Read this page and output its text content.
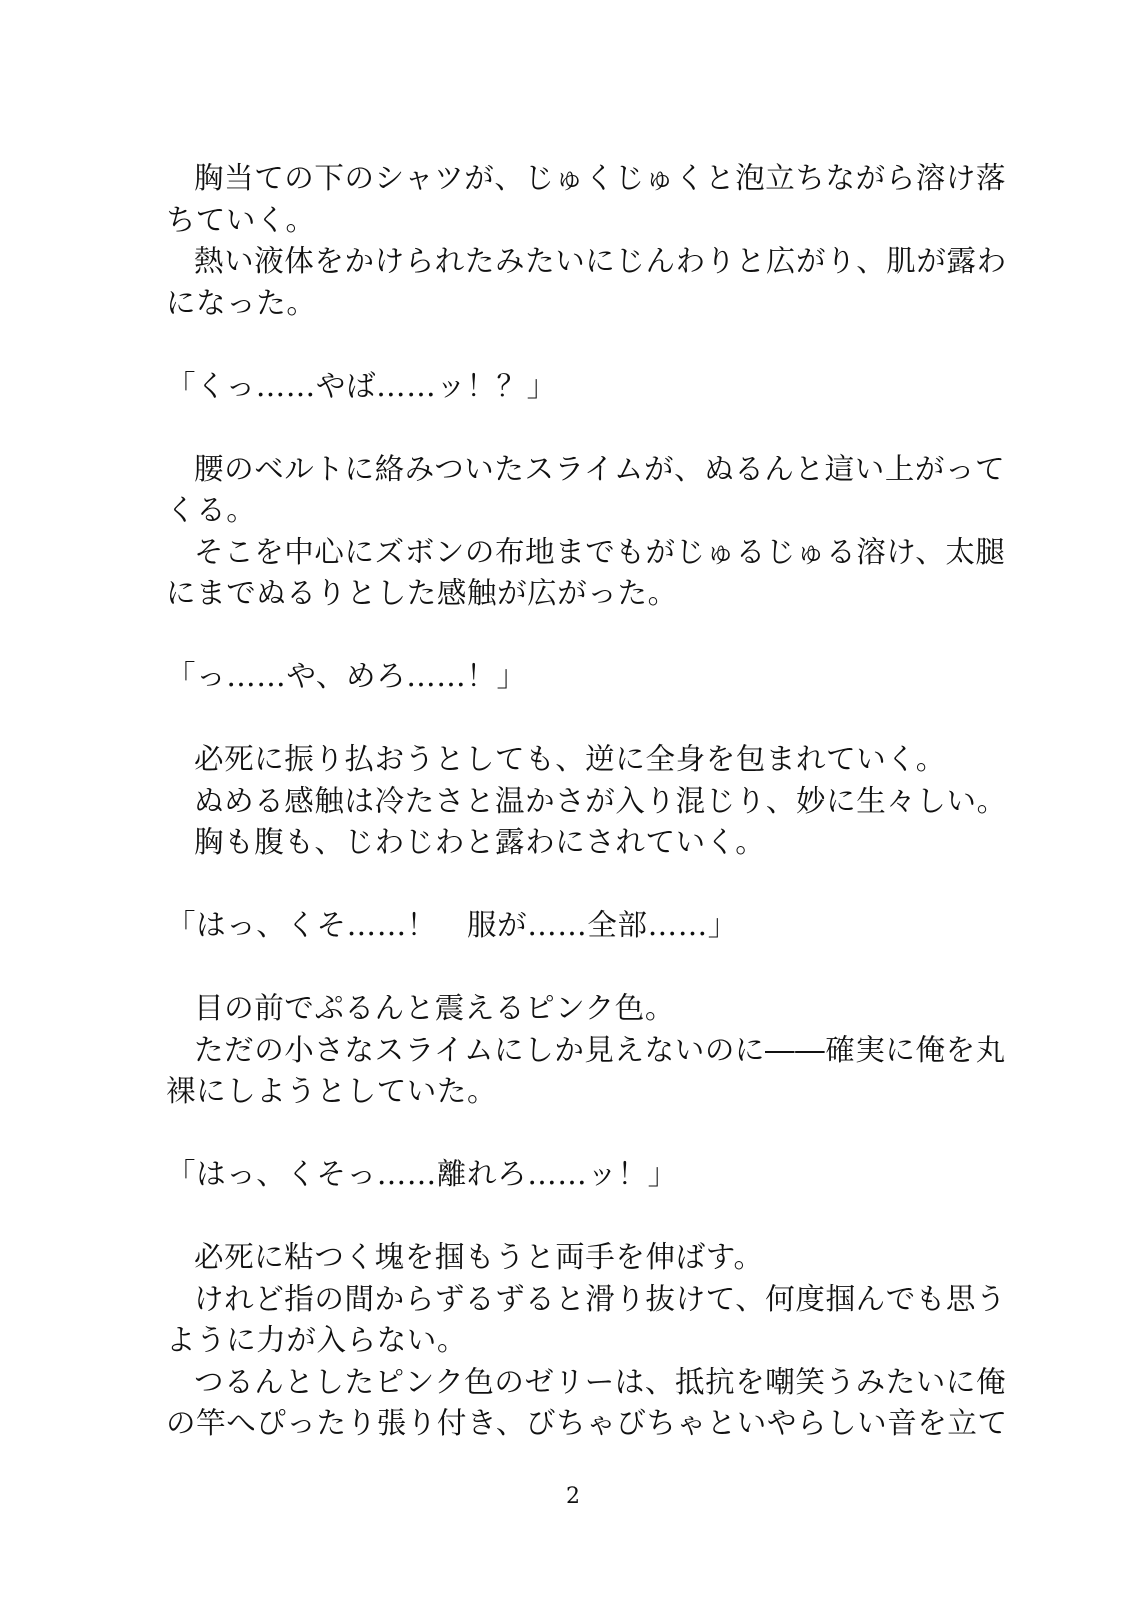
胸当ての下のシャツが、じゅくじゅくと泡立ちながら溶け落
ちていく。
熱い液体をかけられたみたいにじんわりと広がり、肌が露わ
になった。
「くっ……やば……ッ！？」
腰のベルトに絡みついたスライムが、ぬるんと這い上がって
くる。
そこを中心にズボンの布地までもがじゅるじゅる溶け、太腿
にまでぬるりとした感触が広がった。
「っ……や、めろ……！」
必死に振り払おうとしても、逆に全身を包まれていく。
ぬめる感触は冷たさと温かさが入り混じり、妙に生々しい。
胸も腹も、じわじわと露わにされていく。
「はっ、くそ……！　服が……全部……」
目の前でぷるんと震えるピンク色。
ただの小さなスライムにしか見えないのに――確実に俺を丸
裸にしようとしていた。
「はっ、くそっ……離れろ……ッ！」
必死に粘つく塊を掴もうと両手を伸ばす。
けれど指の間からずるずると滑り抜けて、何度掴んでも思う
ように力が入らない。
つるんとしたピンク色のゼリーは、抵抗を嘲笑うみたいに俺
の竿へぴったり張り付き、びちゃびちゃといやらしい音を立て
2
